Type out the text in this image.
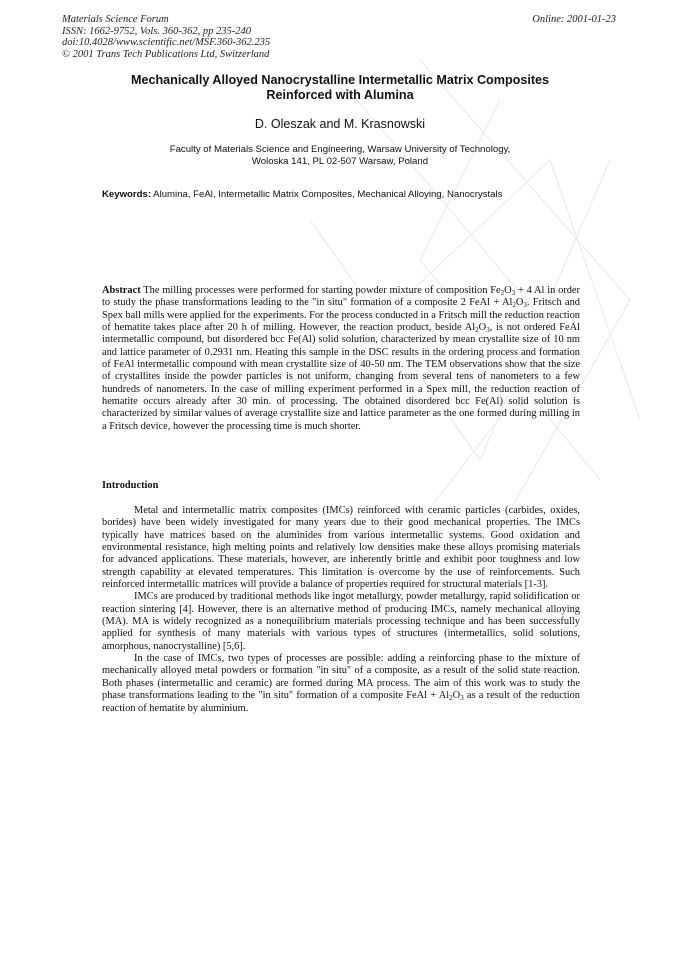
Materials Science Forum
ISSN: 1662-9752, Vols. 360-362, pp 235-240
doi:10.4028/www.scientific.net/MSF.360-362.235
© 2001 Trans Tech Publications Ltd, Switzerland
Online: 2001-01-23
Mechanically Alloyed Nanocrystalline Intermetallic Matrix Composites
Reinforced with Alumina
D. Oleszak and M. Krasnowski
Faculty of Materials Science and Engineering, Warsaw University of Technology,
Woloska 141, PL 02-507 Warsaw, Poland
Keywords: Alumina, FeAl, Intermetallic Matrix Composites, Mechanical Alloying, Nanocrystals
Abstract The milling processes were performed for starting powder mixture of composition $Fe_2O_3 + 4$ Al in order to study the phase transformations leading to the "in situ" formation of a composite 2 FeAl + $Al_2O_3$. Fritsch and Spex ball mills were applied for the experiments. For the process conducted in a Fritsch mill the reduction reaction of hematite takes place after 20 h of milling. However, the reaction product, beside $Al_2O_3$, is not ordered FeAl intermetallic compound, but disordered bcc Fe(Al) solid solution, characterized by mean crystallite size of 10 nm and lattice parameter of 0.2931 nm. Heating this sample in the DSC results in the ordering process and formation of FeAl intermetallic compound with mean crystallite size of 40-50 nm. The TEM observations show that the size of crystallites inside the powder particles is not uniform, changing from several tens of nanometers to a few hundreds of nanometers. In the case of milling experiment performed in a Spex mill, the reduction reaction of hematite occurs already after 30 min. of processing. The obtained disordered bcc Fe(Al) solid solution is characterized by similar values of average crystallite size and lattice parameter as the one formed during milling in a Fritsch device, however the processing time is much shorter.
Introduction

Metal and intermetallic matrix composites (IMCs) reinforced with ceramic particles (carbides, oxides, borides) have been widely investigated for many years due to their good mechanical properties. The IMCs typically have matrices based on the aluminides from various intermetallic systems. Good oxidation and environmental resistance, high melting points and relatively low densities make these alloys promising materials for advanced applications. These materials, however, are inherently brittle and exhibit poor toughness and low strength capability at elevated temperatures. This limitation is overcome by the use of reinforcements. Such reinforced intermetallic matrices will provide a balance of properties required for structural materials [1-3].

IMCs are produced by traditional methods like ingot metallurgy, powder metallurgy, rapid solidification or reaction sintering [4]. However, there is an alternative method of producing IMCs, namely mechanical alloying (MA). MA is widely recognized as a nonequilibrium materials processing technique and has been successfully applied for synthesis of many materials with various types of structures (intermetallics, solid solutions, amorphous, nanocrystalline) [5,6].

In the case of IMCs, two types of processes are possible: adding a reinforcing phase to the mixture of mechanically alloyed metal powders or formation "in situ" of a composite, as a result of the solid state reaction. Both phases (intermetallic and ceramic) are formed during MA process. The aim of this work was to study the phase transformations leading to the "in situ" formation of a composite FeAl + $Al_2O_3$ as a result of the reduction reaction of hematite by aluminium.
